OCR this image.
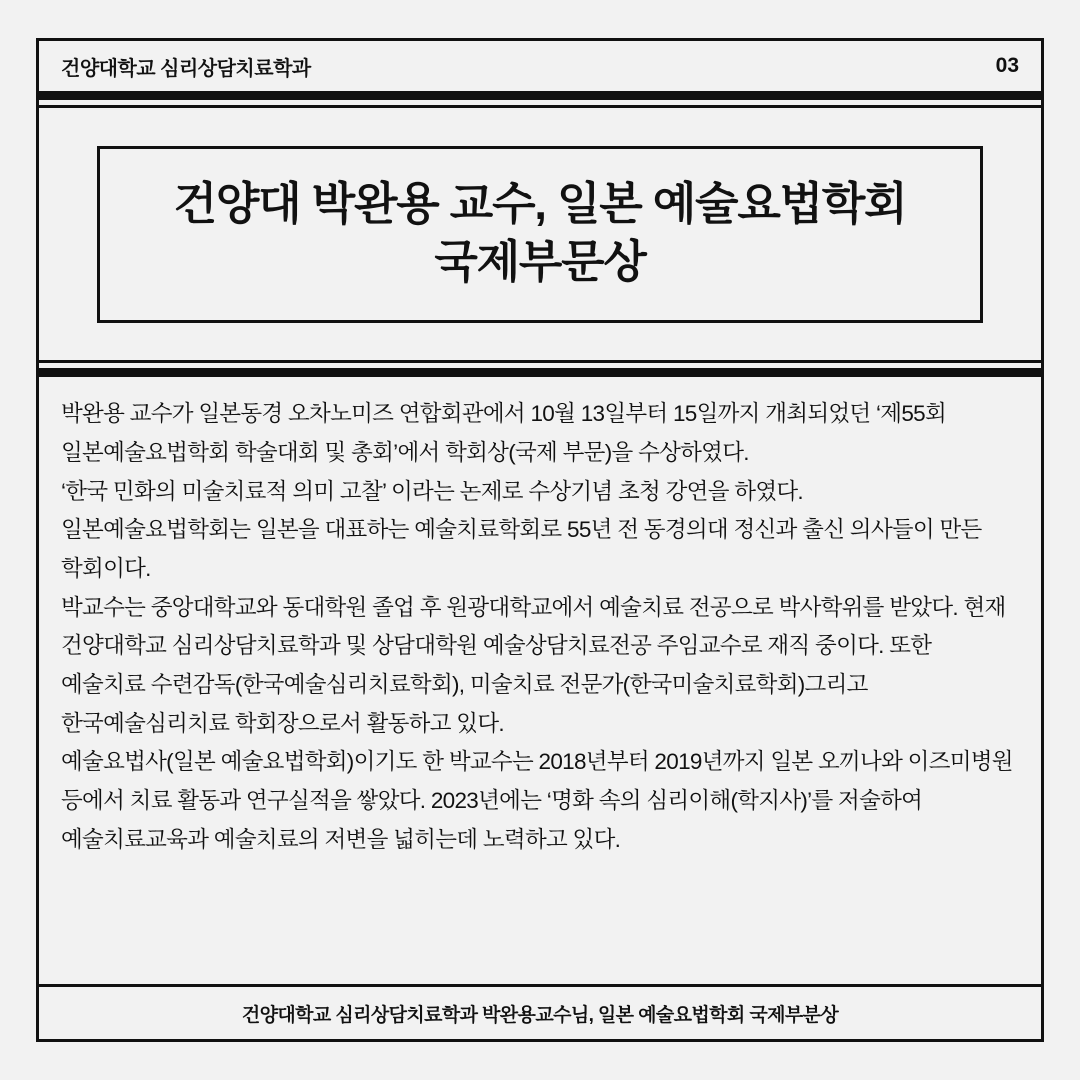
건양대학교 심리상담치료학과	03
건양대 박완용 교수, 일본 예술요법학회
국제부문상

박완용 교수가 일본동경 오차노미즈 연합회관에서 10월 13일부터 15일까지 개최되었던 ‘제55회 일본예술요법학회 학술대회 및 총회’에서 학회상(국제 부문)을 수상하였다.

‘한국 민화의 미술치료적 의미 고찰’ 이라는 논제로 수상기념 초청 강연을 하였다.

일본예술요법학회는 일본을 대표하는 예술치료학회로 55년 전 동경의대 정신과 출신 의사들이 만든 학회이다.

박교수는 중앙대학교와 동대학원 졸업 후 원광대학교에서 예술치료 전공으로 박사학위를 받았다. 현재 건양대학교 심리상담치료학과 및 상담대학원 예술상담치료전공 주임교수로 재직 중이다. 또한 예술치료 수련감독(한국예술심리치료학회), 미술치료 전문가(한국미술치료학회)그리고 한국예술심리치료 학회장으로서 활동하고 있다.

예술요법사(일본 예술요법학회)이기도 한 박교수는 2018년부터 2019년까지 일본 오끼나와 이즈미병원 등에서 치료 활동과 연구실적을 쌓았다. 2023년에는 ‘명화 속의 심리이해(학지사)’를 저술하여 예술치료교육과 예술치료의 저변을 넓히는데 노력하고 있다.

건양대학교 심리상담치료학과 박완용교수님, 일본 예술요법학회 국제부분상
